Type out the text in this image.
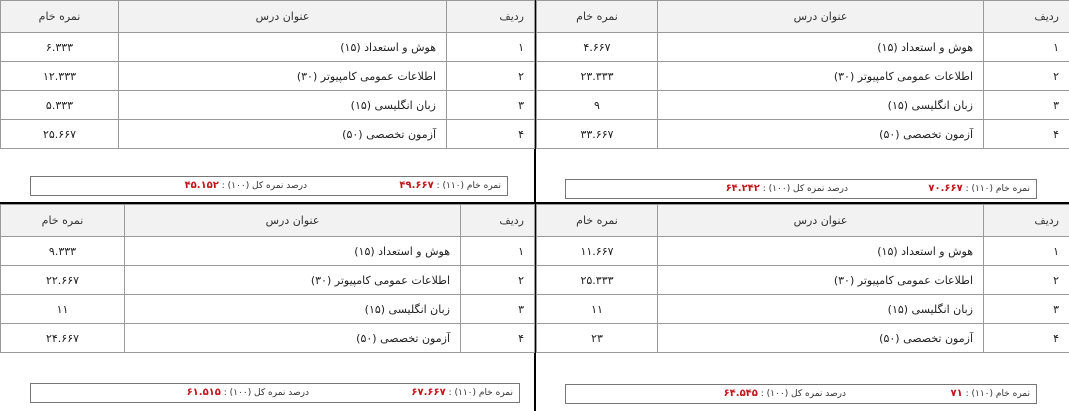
ردیف	عنوان درس	نمره خام
۱	هوش و استعداد (۱۵)	۴.۶۶۷
۲	اطلاعات عمومی کامپیوتر (۳۰)	۲۳.۳۳۳
۳	زبان انگلیسی (۱۵)	۹
۴	آزمون تخصصی (۵۰)	۳۳.۶۶۷
نمره خام (۱۱۰) : ۷۰.۶۶۷
درصد نمره کل (۱۰۰) : ۶۴.۲۴۲
ردیف	عنوان درس	نمره خام
۱	هوش و استعداد (۱۵)	۶.۳۳۳
۲	اطلاعات عمومی کامپیوتر (۳۰)	۱۲.۳۳۳
۳	زبان انگلیسی (۱۵)	۵.۳۳۳
۴	آزمون تخصصی (۵۰)	۲۵.۶۶۷
نمره خام (۱۱۰) : ۴۹.۶۶۷
درصد نمره کل (۱۰۰) : ۴۵.۱۵۲
ردیف	عنوان درس	نمره خام
۱	هوش و استعداد (۱۵)	۱۱.۶۶۷
۲	اطلاعات عمومی کامپیوتر (۳۰)	۲۵.۳۳۳
۳	زبان انگلیسی (۱۵)	۱۱
۴	آزمون تخصصی (۵۰)	۲۳
نمره خام (۱۱۰) : ۷۱
درصد نمره کل (۱۰۰) : ۶۴.۵۴۵
ردیف	عنوان درس	نمره خام
۱	هوش و استعداد (۱۵)	۹.۳۳۳
۲	اطلاعات عمومی کامپیوتر (۳۰)	۲۲.۶۶۷
۳	زبان انگلیسی (۱۵)	۱۱
۴	آزمون تخصصی (۵۰)	۲۴.۶۶۷
نمره خام (۱۱۰) : ۶۷.۶۶۷
درصد نمره کل (۱۰۰) : ۶۱.۵۱۵
